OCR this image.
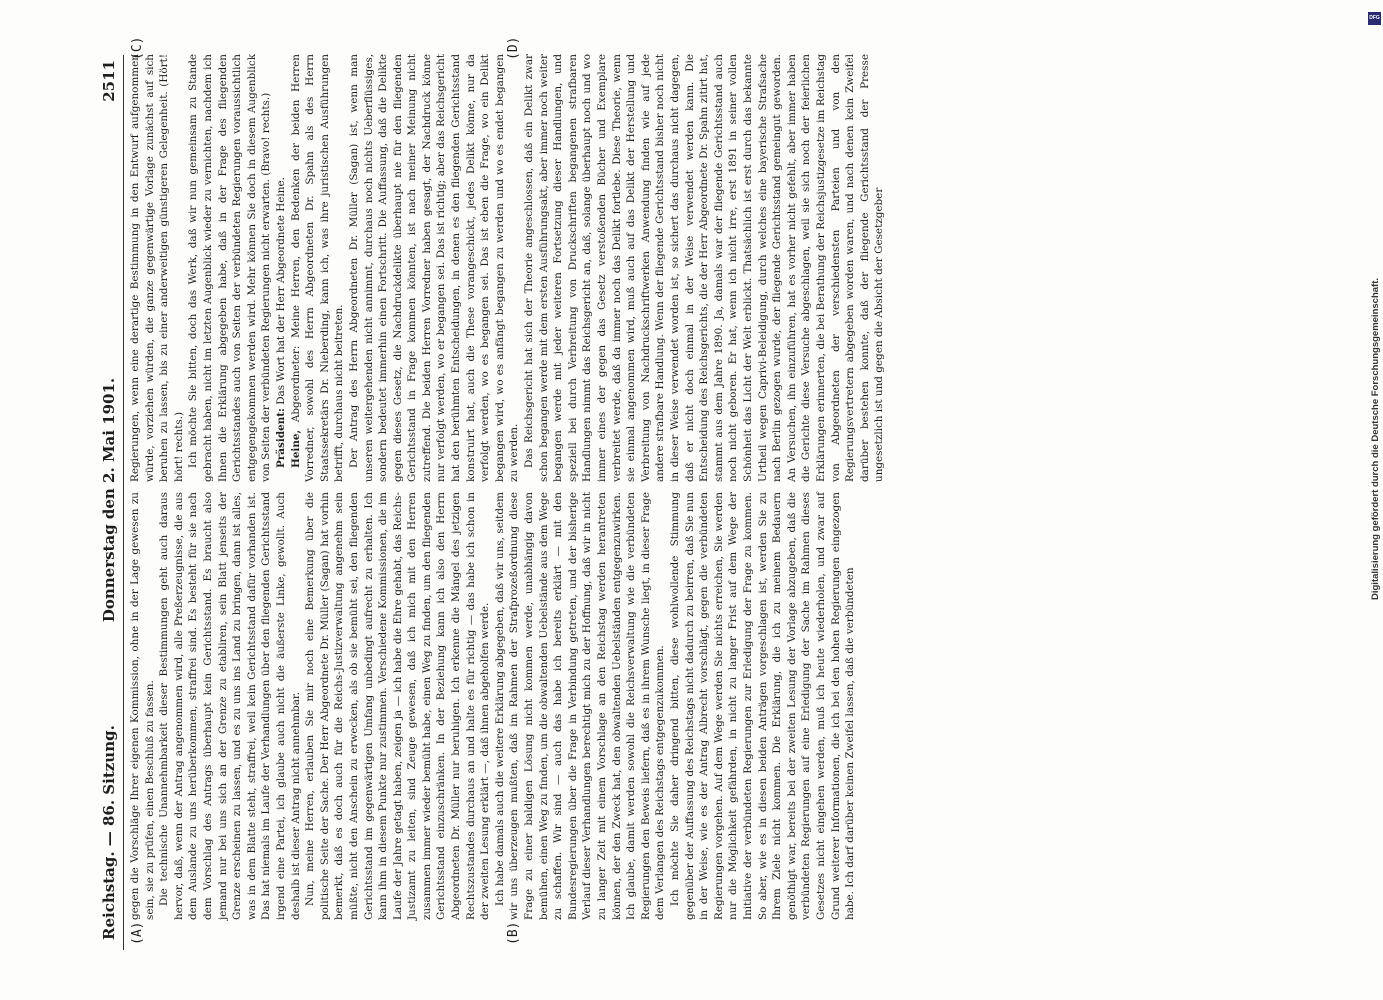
Reichstag. — 86. Sitzung.
Donnerstag den 2. Mai 1901.
2511
(A)	(B)
(C)	(D)

gegen die Vorschläge Ihrer eigenen Kommission, ohne in der Lage gewesen zu sein, sie zu prüfen, einen Beschluß zu fassen. Die technische Unannehmbarkeit dieser Bestimmungen geht auch daraus hervor, daß, wenn der Antrag angenommen wird, alle Preßerzeugnisse, die aus dem Auslande zu uns herüberkommen, straffrei sind. Es besteht für sie nach dem Vorschlag des Antrags überhaupt kein Gerichtsstand. Es braucht also jemand nur bei uns sich an der Grenze zu etabliren, sein Blatt jenseits der Grenze erscheinen zu lassen, und es zu uns ins Land zu bringen, dann ist alles, was in dem Blatte steht, straffrei, weil kein Gerichtsstand dafür vorhanden ist. Das hat niemals im Laufe der Verhandlungen über den fliegenden Gerichtsstand irgend eine Partei, ich glaube auch nicht die äußerste Linke, gewollt. Auch deshalb ist dieser Antrag nicht annehmbar. Nun, meine Herren, erlauben Sie mir noch eine Bemerkung über die politische Seite der Sache. Der Herr Abgeordnete Dr. Müller (Sagan) hat vorhin bemerkt, daß es doch auch für die Reichs-Justizverwaltung angenehm sein müßte, nicht den Anschein zu erwecken, als ob sie bemüht sei, den fliegenden Gerichtsstand im gegenwärtigen Umfang unbedingt aufrecht zu erhalten. Ich kann ihm in diesem Punkte nur zustimmen. Verschiedene Kommissionen, die im Laufe der Jahre getagt haben, zeigen ja — ich habe die Ehre gehabt, das Reichs-Justizamt zu leiten, sind Zeuge gewesen, daß ich mich mit den Herren zusammen immer wieder bemüht habe, einen Weg zu finden, um den fliegenden Gerichtsstand einzuschränken. In der Beziehung kann ich also den Herrn Abgeordneten Dr. Müller nur beruhigen. Ich erkenne die Mängel des jetzigen Rechtszustandes durchaus an und halte es für richtig — das habe ich schon in der zweiten Lesung erklärt —, daß ihnen abgeholfen werde. Ich habe damals auch die weitere Erklärung abgegeben, daß wir uns, seitdem wir uns überzeugen mußten, daß im Rahmen der Strafprozeßordnung diese Frage zu einer baldigen Lösung nicht kommen werde, unabhängig davon bemühen, einen Weg zu finden, um die obwaltenden Uebelstände aus dem Wege zu schaffen. Wir sind — auch das habe ich bereits erklärt — mit den Bundesregierungen über die Frage in Verbindung getreten, und der bisherige Verlauf dieser Verhandlungen berechtigt mich zu der Hoffnung, daß wir in nicht zu langer Zeit mit einem Vorschlage an den Reichstag werden herantreten können, der den Zweck hat, den obwaltenden Uebelständen entgegenzuwirken. Ich glaube, damit werden sowohl die Reichsverwaltung wie die verbündeten Regierungen den Beweis liefern, daß es in ihrem Wunsche liegt, in dieser Frage dem Verlangen des Reichstags entgegenzukommen. Ich möchte Sie daher dringend bitten, diese wohlwollende Stimmung gegenüber der Auffassung des Reichstags nicht dadurch zu beirren, daß Sie nun in der Weise, wie es der Antrag Albrecht vorschlägt, gegen die verbündeten Regierungen vorgehen. Auf dem Wege werden Sie nichts erreichen, Sie werden nur die Möglichkeit gefährden, in nicht zu langer Frist auf dem Wege der Initiative der verbündeten Regierungen zur Erledigung der Frage zu kommen. So aber, wie es in diesen beiden Anträgen vorgeschlagen ist, werden Sie zu Ihrem Ziele nicht kommen. Die Erklärung, die ich zu meinem Bedauern genöthigt war, bereits bei der zweiten Lesung der Vorlage abzugeben, daß die verbündeten Regierungen auf eine Erledigung der Sache im Rahmen dieses Gesetzes nicht eingehen werden, muß ich heute wiederholen, und zwar auf Grund weiterer Informationen, die ich bei den hohen Regierungen eingezogen habe. Ich darf darüber keinen Zweifel lassen, daß die verbündeten

Regierungen, wenn eine derartige Bestimmung in den Entwurf aufgenommen würde, vorziehen würden, die ganze gegenwärtige Vorlage zunächst auf sich beruhen zu lassen, bis zu einer anderweitigen günstigeren Gelegenheit. (Hört! hört! rechts.) Ich möchte Sie bitten, doch das Werk, daß wir nun gemeinsam zu Stande gebracht haben, nicht im letzten Augenblick wieder zu vernichten, nachdem ich Ihnen die Erklärung abgegeben habe, daß in der Frage des fliegenden Gerichtsstandes auch von Seiten der verbündeten Regierungen voraussichtlich entgegengekommen werden wird. Mehr können Sie doch in diesem Augenblick von Seiten der verbündeten Regierungen nicht erwarten. (Bravo! rechts.) Präsident: Das Wort hat der Herr Abgeordnete Heine.

Heine, Abgeordneter: Meine Herren, den Bedenken der beiden Herren Vorredner, sowohl des Herrn Abgeordneten Dr. Spahn als des Herrn Staatssekretärs Dr. Nieberding, kann ich, was ihre juristischen Ausführungen betrifft, durchaus nicht beitreten. Der Antrag des Herrn Abgeordneten Dr. Müller (Sagan) ist, wenn man unseren weitergehenden nicht annimmt, durchaus noch nichts Ueberflüssiges, sondern bedeutet immerhin einen Fortschritt. Die Auffassung, daß die Delikte gegen dieses Gesetz, die Nachdruckdelikte überhaupt nie für den fliegenden Gerichtsstand in Frage kommen könnten, ist nach meiner Meinung nicht zutreffend. Die beiden Herren Vorredner haben gesagt, der Nachdruck könne nur verfolgt werden, wo er begangen sei. Das ist richtig; aber das Reichsgericht hat den berühmten Entscheidungen, in denen es den fliegenden Gerichtsstand konstruirt hat, auch die These vorangeschickt, jedes Delikt könne, nur da verfolgt werden, wo es begangen sei. Das ist eben die Frage, wo ein Delikt begangen wird, wo es anfängt begangen zu werden und wo es endet begangen zu werden. Das Reichsgericht hat sich der Theorie angeschlossen, daß ein Delikt zwar schon begangen werde mit dem ersten Ausführungsakt, aber immer noch weiter begangen werde mit jeder weiteren Fortsetzung dieser Handlungen, und speziell bei durch Verbreitung von Druckschriften begangenen strafbaren Handlungen nimmt das Reichsgericht an, daß, solange überhaupt noch und wo immer eines der gegen das Gesetz verstoßenden Bücher und Exemplare verbreitet werde, daß da immer noch das Delikt fortlebe. Diese Theorie, wenn sie einmal angenommen wird, muß auch auf das Delikt der Herstellung und Verbreitung von Nachdruckschriftwerken Anwendung finden wie auf jede andere strafbare Handlung. Wenn der fliegende Gerichtsstand bisher noch nicht in dieser Weise verwendet worden ist, so sichert das durchaus nicht dagegen, daß er nicht doch einmal in der Weise verwendet werden kann. Die Entscheidung des Reichsgerichts, die der Herr Abgeordnete Dr. Spahn zitirt hat, stammt aus dem Jahre 1890. Ja, damals war der fliegende Gerichtsstand auch noch nicht geboren. Er hat, wenn ich nicht irre, erst 1891 in seiner vollen Schönheit das Licht der Welt erblickt. Thatsächlich ist erst durch das bekannte Urtheil wegen Caprivi-Beleidigung, durch welches eine bayerische Strafsache nach Berlin gezogen wurde, der fliegende Gerichtsstand gemeingut geworden. An Versuchen, ihn einzuführen, hat es vorher nicht gefehlt, aber immer haben die Gerichte diese Versuche abgeschlagen, weil sie sich noch der feierlichen Erklärungen erinnerten, die bei Berathung der Reichsjustizgesetze im Reichstag von Abgeordneten der verschiedensten Parteien und von den Regierungsvertretern abgegeben worden waren, und nach denen kein Zweifel darüber bestehen konnte, daß der fliegende Gerichtsstand der Presse ungesetzlich ist und gegen die Absicht der Gesetzgeber	Digitalisierung gefördert durch die Deutsche Forschungsgemeinschaft.
DFG
